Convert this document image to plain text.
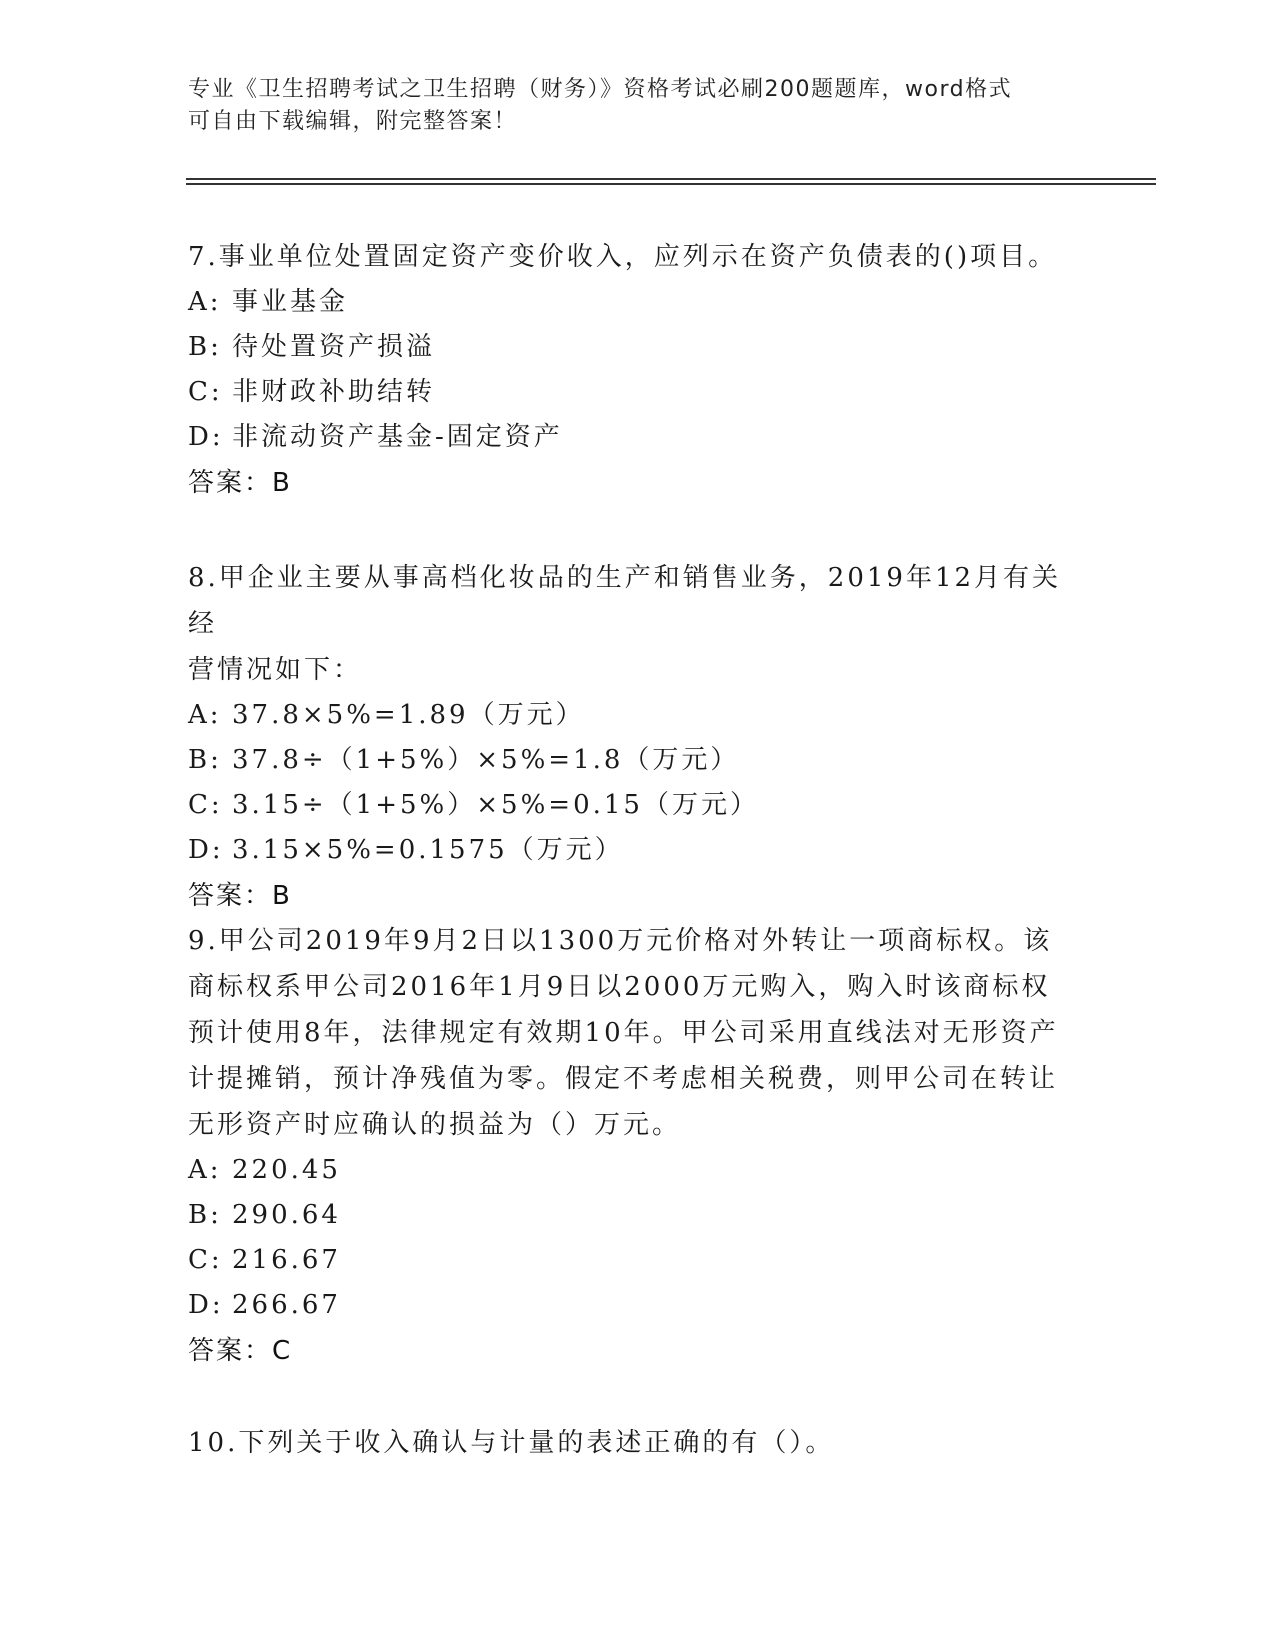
专业《卫生招聘考试之卫生招聘（财务）》资格考试必刷200题题库，word格式
可自由下载编辑，附完整答案！

7.事业单位处置固定资产变价收入，应列示在资产负债表的()项目。

A: 事业基金
B: 待处置资产损溢
C: 非财政补助结转
D: 非流动资产基金-固定资产
答案：B

8.甲企业主要从事高档化妆品的生产和销售业务，2019年12月有关经

营情况如下：

A: 37.8×5%=1.89（万元）
B: 37.8÷（1+5%）×5%=1.8（万元）
C: 3.15÷（1+5%）×5%=0.15（万元）
D: 3.15×5%=0.1575（万元）
答案：B

9.甲公司2019年9月2日以1300万元价格对外转让一项商标权。该

商标权系甲公司2016年1月9日以2000万元购入，购入时该商标权

预计使用8年，法律规定有效期10年。甲公司采用直线法对无形资产

计提摊销，预计净残值为零。假定不考虑相关税费，则甲公司在转让

无形资产时应确认的损益为（）万元。

A: 220.45
B: 290.64
C: 216.67
D: 266.67
答案：C

10.下列关于收入确认与计量的表述正确的有（）。
